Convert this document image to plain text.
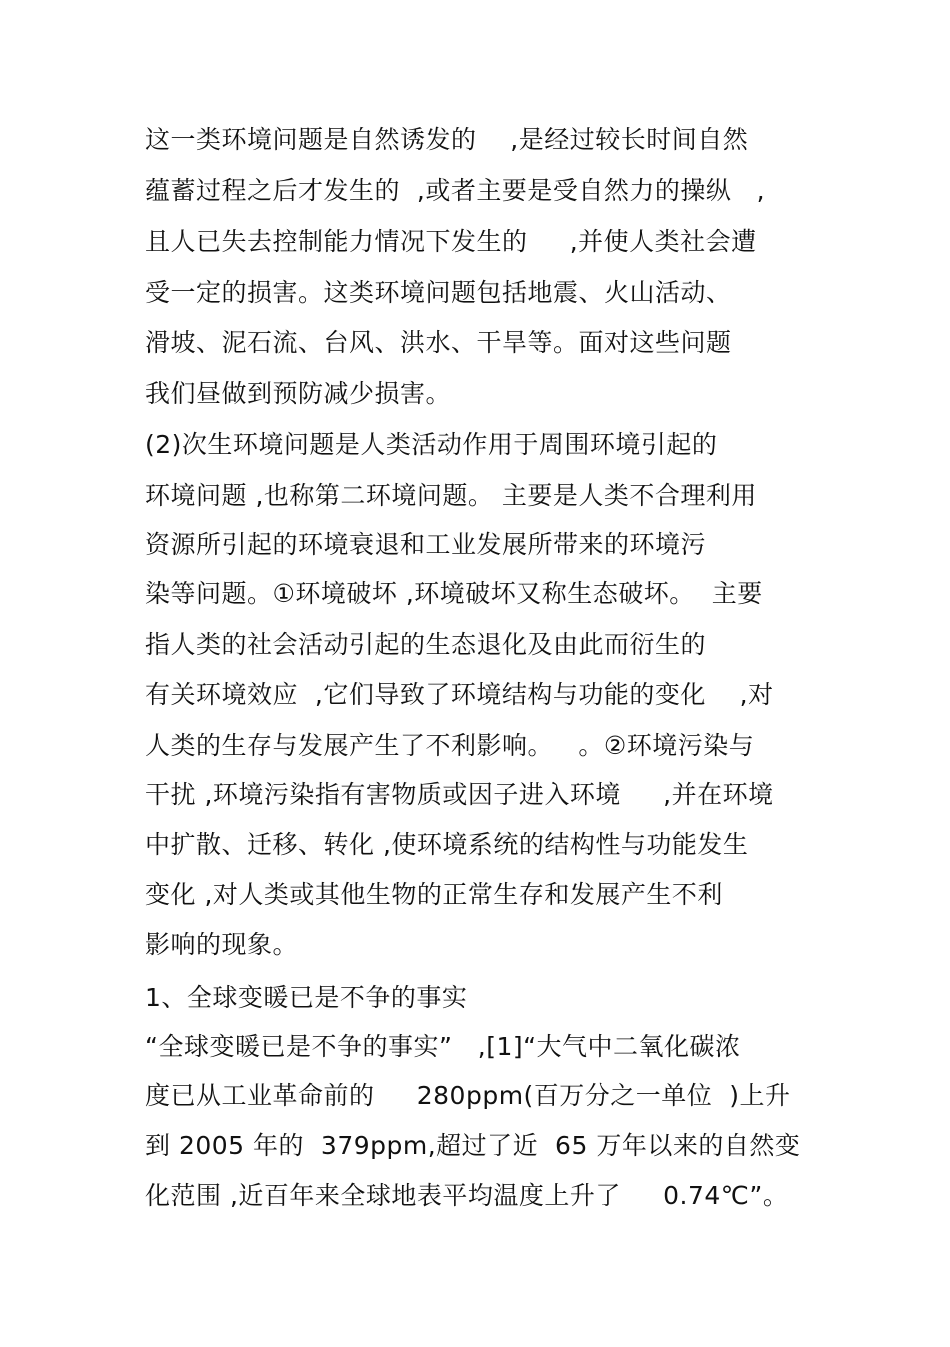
这一类环境问题是自然诱发的    ,是经过较长时间自然
蕴蓄过程之后才发生的  ,或者主要是受自然力的操纵   ,
且人已失去控制能力情况下发生的     ,并使人类社会遭
受一定的损害。这类环境问题包括地震、火山活动、
滑坡、泥石流、台风、洪水、干旱等。面对这些问题
我们昼做到预防减少损害。
(2)次生环境问题是人类活动作用于周围环境引起的
环境问题 ,也称第二环境问题。 主要是人类不合理利用
资源所引起的环境衰退和工业发展所带来的环境污
染等问题。①环境破坏 ,环境破坏又称生态破坏。  主要
指人类的社会活动引起的生态退化及由此而衍生的
有关环境效应  ,它们导致了环境结构与功能的变化    ,对
人类的生存与发展产生了不利影响。   。②环境污染与
干扰 ,环境污染指有害物质或因子进入环境     ,并在环境
中扩散、迁移、转化 ,使环境系统的结构性与功能发生
变化 ,对人类或其他生物的正常生存和发展产生不利
影响的现象。
1、全球变暖已是不争的事实
“全球变暖已是不争的事实”   ,[1]“大气中二氧化碳浓
度已从工业革命前的     280ppm(百万分之一单位  )上升
到 2005 年的  379ppm,超过了近  65 万年以来的自然变
化范围 ,近百年来全球地表平均温度上升了     0.74℃”。
